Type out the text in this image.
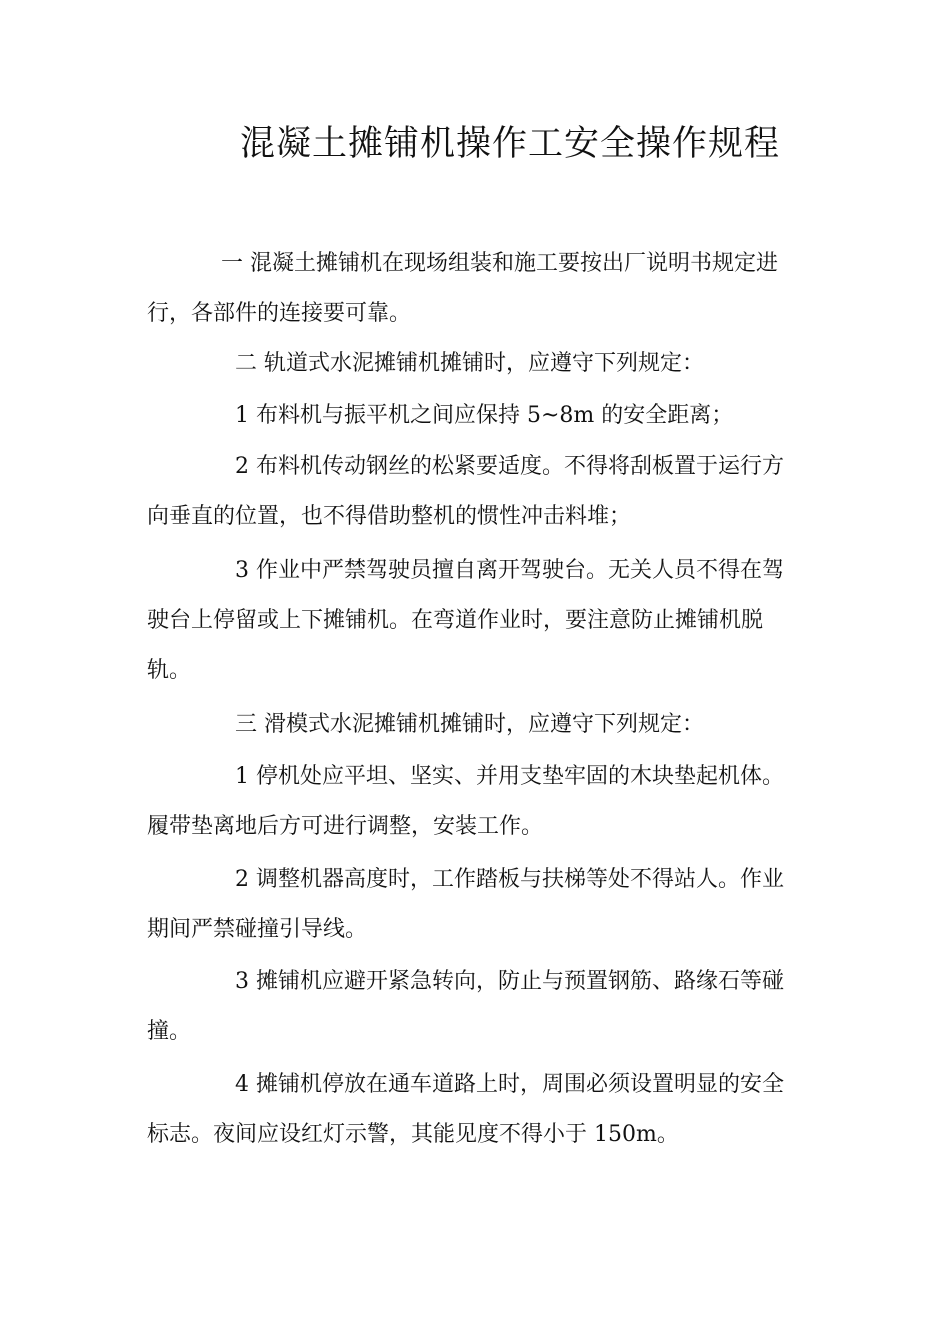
混凝土摊铺机操作工安全操作规程
一 混凝土摊铺机在现场组装和施工要按出厂说明书规定进
行，各部件的连接要可靠。
二 轨道式水泥摊铺机摊铺时，应遵守下列规定：
1 布料机与振平机之间应保持 5~8m 的安全距离；
2 布料机传动钢丝的松紧要适度。不得将刮板置于运行方
向垂直的位置，也不得借助整机的惯性冲击料堆；
3 作业中严禁驾驶员擅自离开驾驶台。无关人员不得在驾
驶台上停留或上下摊铺机。在弯道作业时，要注意防止摊铺机脱
轨。
三 滑模式水泥摊铺机摊铺时，应遵守下列规定：
1 停机处应平坦、坚实、并用支垫牢固的木块垫起机体。
履带垫离地后方可进行调整，安装工作。
2 调整机器高度时，工作踏板与扶梯等处不得站人。作业
期间严禁碰撞引导线。
3 摊铺机应避开紧急转向，防止与预置钢筋、路缘石等碰
撞。
4 摊铺机停放在通车道路上时，周围必须设置明显的安全
标志。夜间应设红灯示警，其能见度不得小于 150m。
